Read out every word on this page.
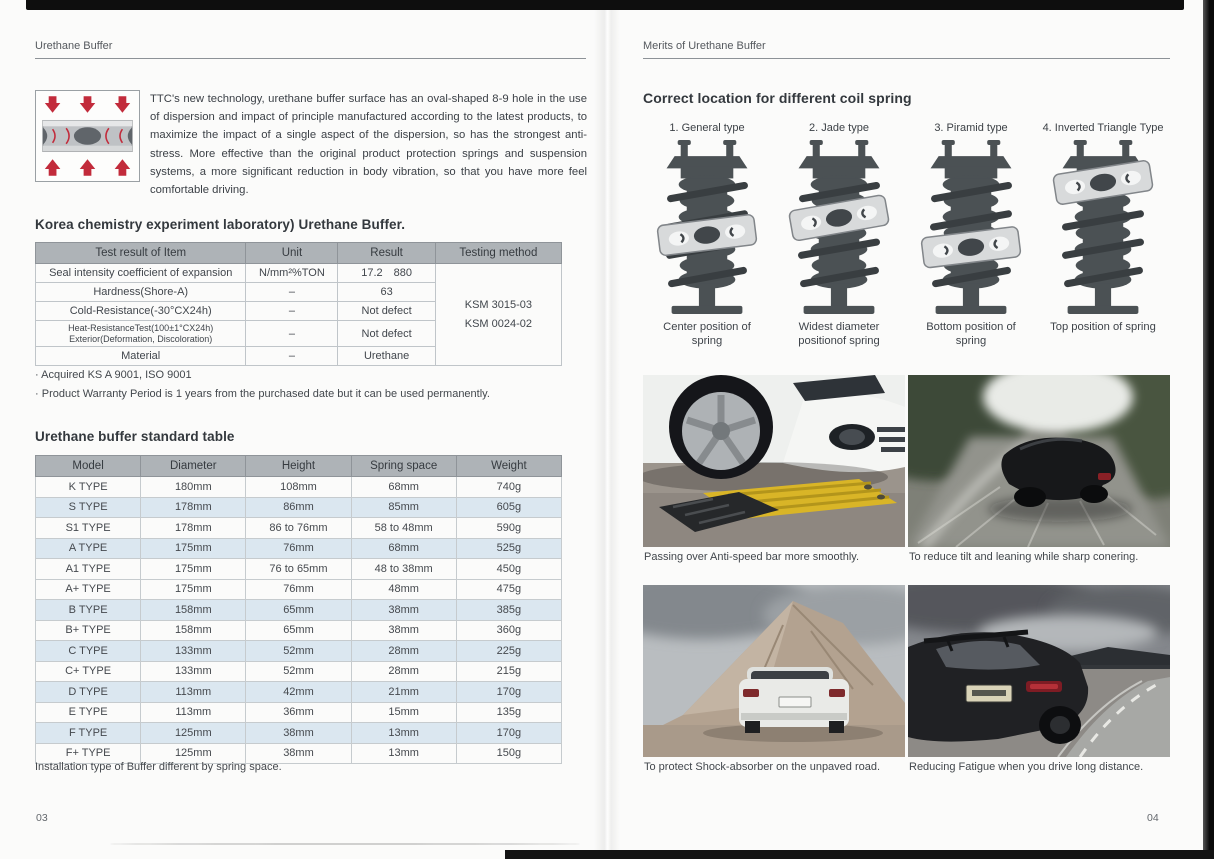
Urethane Buffer

TTC's new technology, urethane buffer surface has an oval-shaped 8-9 hole in the use of dispersion and impact of principle manufactured according to the latest products, to maximize the impact of a single aspect of the dispersion, so has the strongest anti-stress. More effective than the original product protection springs and suspension systems, a more significant reduction in body vibration, so that you have more feel comfortable driving.

Korea chemistry experiment laboratory) Urethane Buffer.
Test result of Item	Unit	Result	Testing method
Seal intensity coefficient of expansion	N/mm²%TON	17.2 880	KSM 3015-03
KSM 0024-02

Hardness(Shore-A)	–	63	
Cold-Resistance(-30°CX24h)	–	Not defect	

Heat-ResistanceTest(100±1°CX24h)
Exterior(Deformation, Discoloration)	–	Not defect	
Material	–	Urethane	
· Acquired KS A 9001, ISO 9001
· Product Warranty Period is 1 years from the purchased date but it can be used permanently.
Urethane buffer standard table
Model	Diameter	Height	Spring space	Weight
K TYPE	180mm	108mm	68mm	740g
S TYPE	178mm	86mm	85mm	605g
S1 TYPE	178mm	86 to 76mm	58 to 48mm	590g
A TYPE	175mm	76mm	68mm	525g
A1 TYPE	175mm	76 to 65mm	48 to 38mm	450g
A+ TYPE	175mm	76mm	48mm	475g
B TYPE	158mm	65mm	38mm	385g
B+ TYPE	158mm	65mm	38mm	360g
C TYPE	133mm	52mm	28mm	225g
C+ TYPE	133mm	52mm	28mm	215g
D TYPE	113mm	42mm	21mm	170g
E TYPE	113mm	36mm	15mm	135g
F TYPE	125mm	38mm	13mm	170g
F+ TYPE	125mm	38mm	13mm	150g
Installation type of Buffer different by spring space.
03
Merits of Urethane Buffer
Correct location for different coil spring
1. General type
Center position of spring
2. Jade type
Widest diameter positionof spring
3. Piramid type
Bottom position of spring
4. Inverted Triangle Type
Top position of spring
Passing over Anti-speed bar more smoothly.	To reduce tilt and leaning while sharp conering.
To protect Shock-absorber on the unpaved road.	Reducing Fatigue when you drive long distance.
04
